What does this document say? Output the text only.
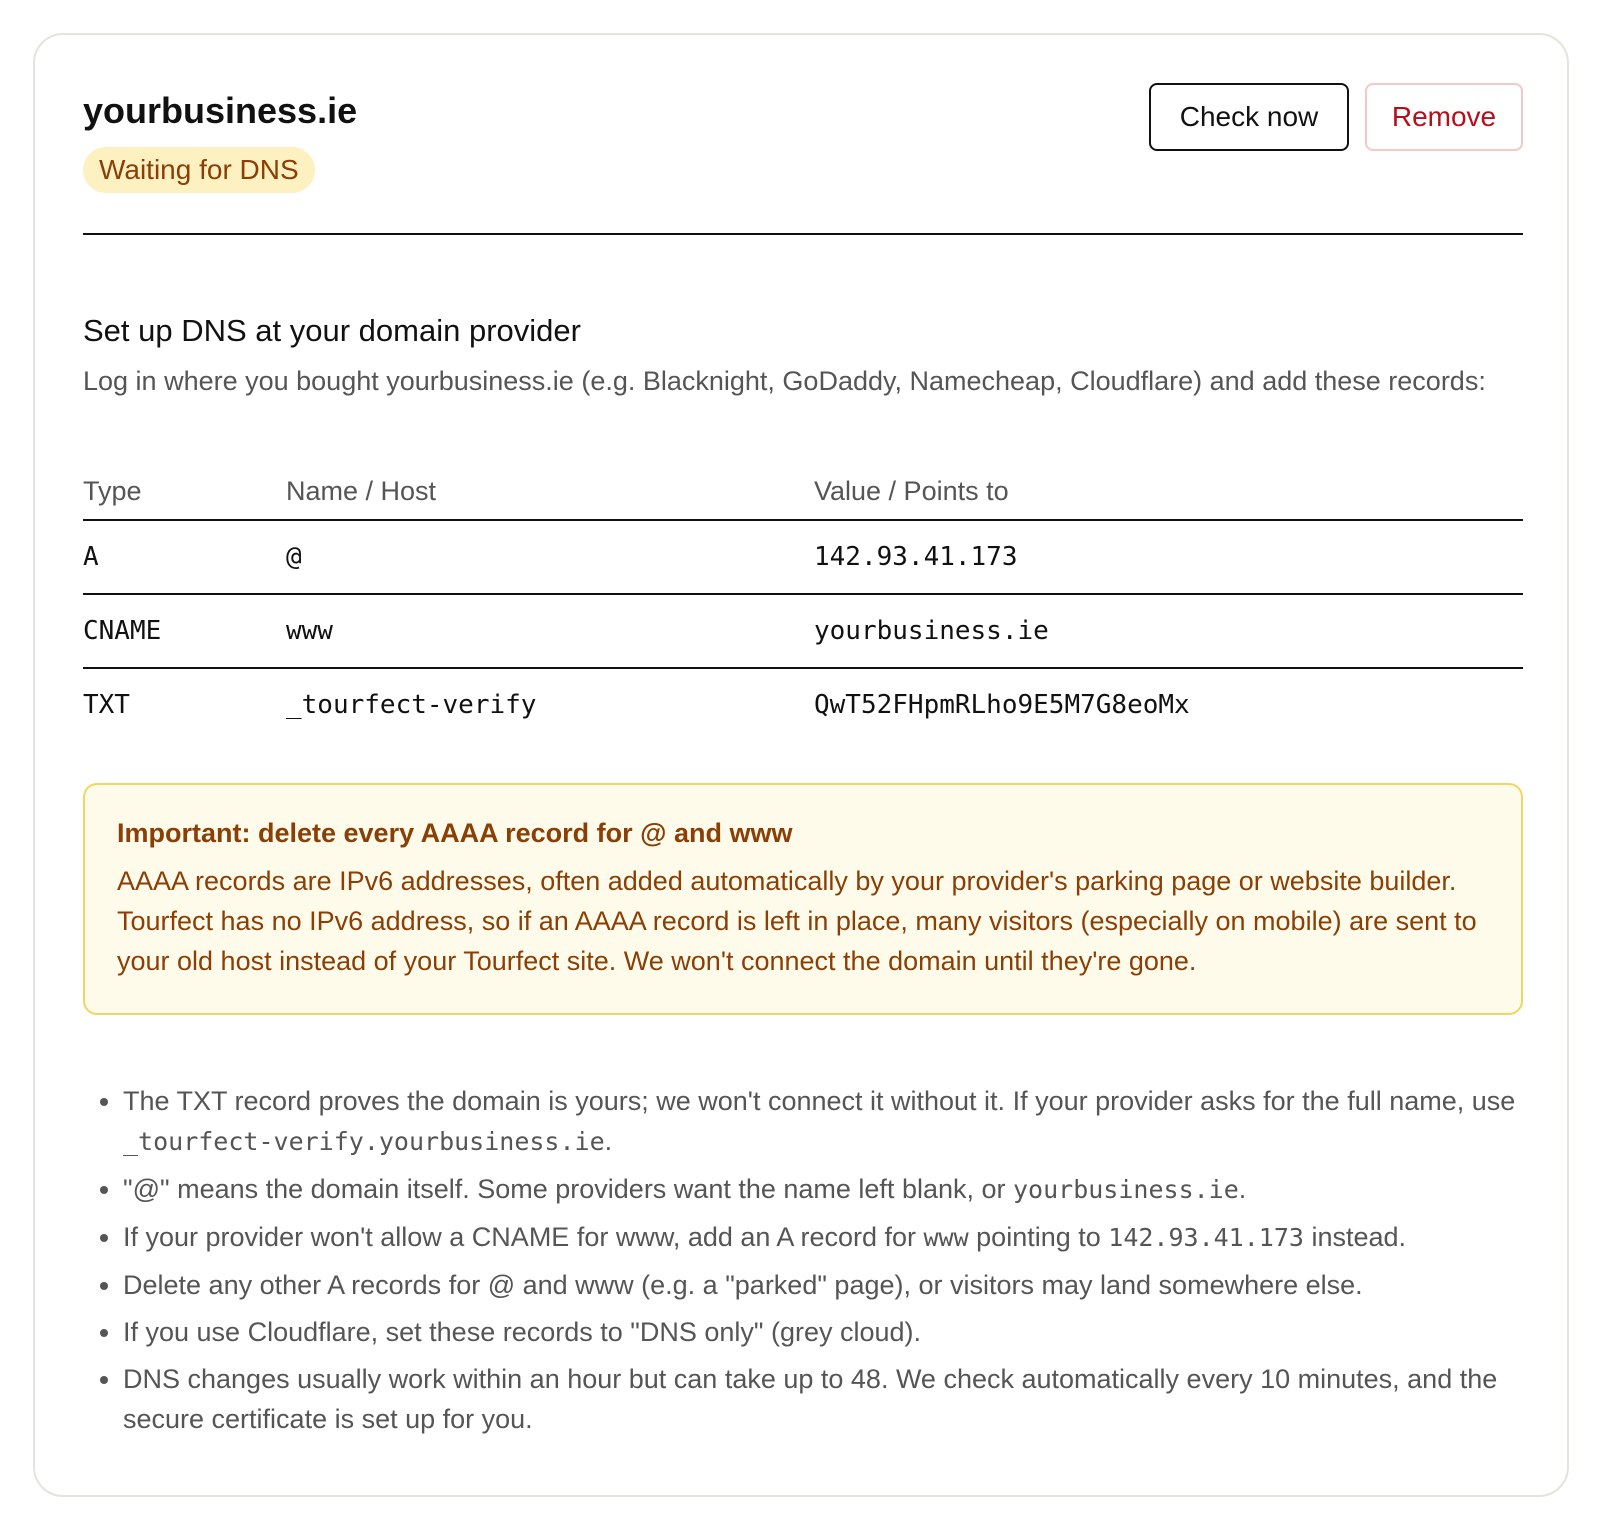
yourbusiness.ie
Waiting for DNS
Check now	Remove
Set up DNS at your domain provider

Log in where you bought yourbusiness.ie (e.g. Blacknight, GoDaddy, Namecheap, Cloudflare) and add these records:

Type	Name / Host	Value / Points to
A	@	142.93.41.173
CNAME	www	yourbusiness.ie
TXT	_tourfect-verify	QwT52FHpmRLho9E5M7G8eoMx

Important: delete every AAAA record for @ and www

AAAA records are IPv6 addresses, often added automatically by your provider's parking page or website builder. Tourfect has no IPv6 address, so if an AAAA record is left in place, many visitors (especially on mobile) are sent to your old host instead of your Tourfect site. We won't connect the domain until they're gone.

• The TXT record proves the domain is yours; we won't connect it without it. If your provider asks for the full name, use _tourfect-verify.yourbusiness.ie.
• "@" means the domain itself. Some providers want the name left blank, or yourbusiness.ie.
• If your provider won't allow a CNAME for www, add an A record for www pointing to 142.93.41.173 instead.
• Delete any other A records for @ and www (e.g. a "parked" page), or visitors may land somewhere else.
• If you use Cloudflare, set these records to "DNS only" (grey cloud).
• DNS changes usually work within an hour but can take up to 48. We check automatically every 10 minutes, and the secure certificate is set up for you.
